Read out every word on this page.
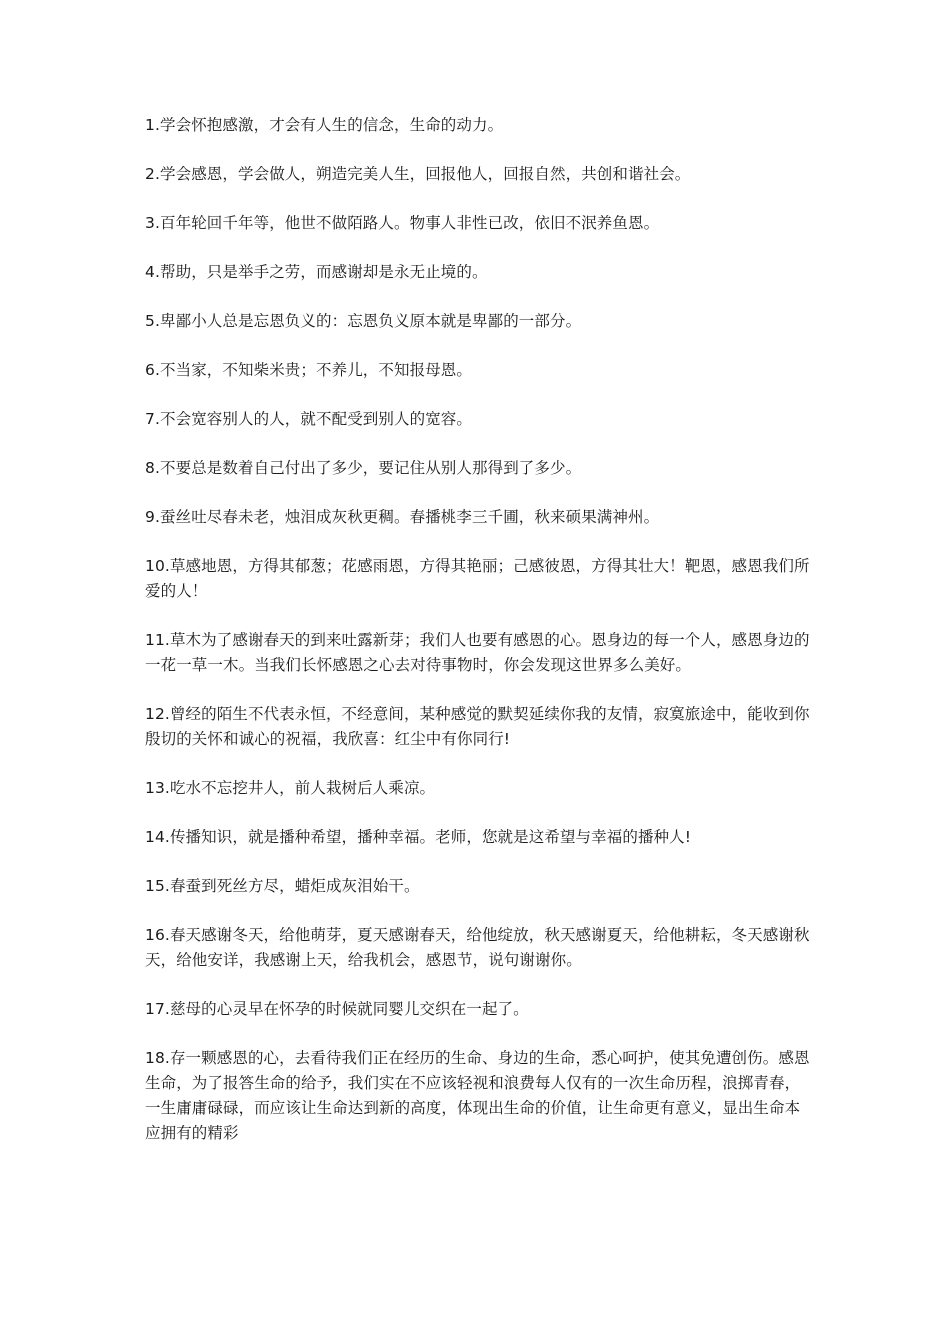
1.学会怀抱感激，才会有人生的信念，生命的动力。

2.学会感恩，学会做人，朔造完美人生，回报他人，回报自然，共创和谐社会。

3.百年轮回千年等，他世不做陌路人。物事人非性已改，依旧不泯养鱼恩。

4.帮助，只是举手之劳，而感谢却是永无止境的。

5.卑鄙小人总是忘恩负义的：忘恩负义原本就是卑鄙的一部分。

6.不当家，不知柴米贵；不养儿，不知报母恩。

7.不会宽容别人的人，就不配受到别人的宽容。

8.不要总是数着自己付出了多少，要记住从别人那得到了多少。

9.蚕丝吐尽春未老，烛泪成灰秋更稠。春播桃李三千圃，秋来硕果满神州。

10.草感地恩，方得其郁葱；花感雨恩，方得其艳丽；己感彼恩，方得其壮大！靶恩，感恩我们所爱的人！

11.草木为了感谢春天的到来吐露新芽；我们人也要有感恩的心。恩身边的每一个人，感恩身边的一花一草一木。当我们长怀感恩之心去对待事物时，你会发现这世界多么美好。

12.曾经的陌生不代表永恒，不经意间，某种感觉的默契延续你我的友情，寂寞旅途中，能收到你殷切的关怀和诚心的祝福，我欣喜：红尘中有你同行!

13.吃水不忘挖井人，前人栽树后人乘凉。

14.传播知识，就是播种希望，播种幸福。老师，您就是这希望与幸福的播种人!

15.春蚕到死丝方尽，蜡炬成灰泪始干。

16.春天感谢冬天，给他萌芽，夏天感谢春天，给他绽放，秋天感谢夏天，给他耕耘，冬天感谢秋天，给他安详，我感谢上天，给我机会，感恩节，说句谢谢你。

17.慈母的心灵早在怀孕的时候就同婴儿交织在一起了。

18.存一颗感恩的心，去看待我们正在经历的生命、身边的生命，悉心呵护，使其免遭创伤。感恩生命，为了报答生命的给予，我们实在不应该轻视和浪费每人仅有的一次生命历程，浪掷青春，一生庸庸碌碌，而应该让生命达到新的高度，体现出生命的价值，让生命更有意义，显出生命本应拥有的精彩
